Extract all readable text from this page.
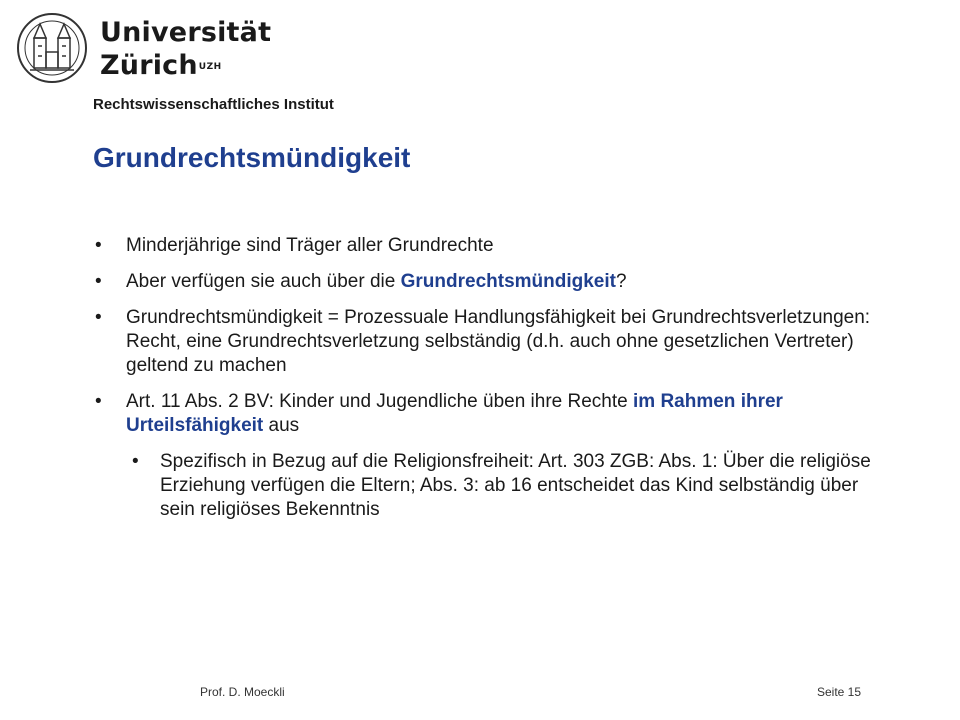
Universität
Zürich$^{UZH}$
Rechtswissenschaftliches Institut
Grundrechtsmündigkeit
• Minderjährige sind Träger aller Grundrechte
• Aber verfügen sie auch über die Grundrechtsmündigkeit?
• Grundrechtsmündigkeit = Prozessuale Handlungsfähigkeit bei Grundrechtsverletzungen: Recht, eine Grundrechtsverletzung selbständig (d.h. auch ohne gesetzlichen Vertreter) geltend zu machen
• Art. 11 Abs. 2 BV: Kinder und Jugendliche üben ihre Rechte im Rahmen ihrer Urteilsfähigkeit aus
• Spezifisch in Bezug auf die Religionsfreiheit: Art. 303 ZGB: Abs. 1: Über die religiöse Erziehung verfügen die Eltern; Abs. 3: ab 16 entscheidet das Kind selbständig über sein religiöses Bekenntnis
Prof. D. Moeckli	Seite 15
